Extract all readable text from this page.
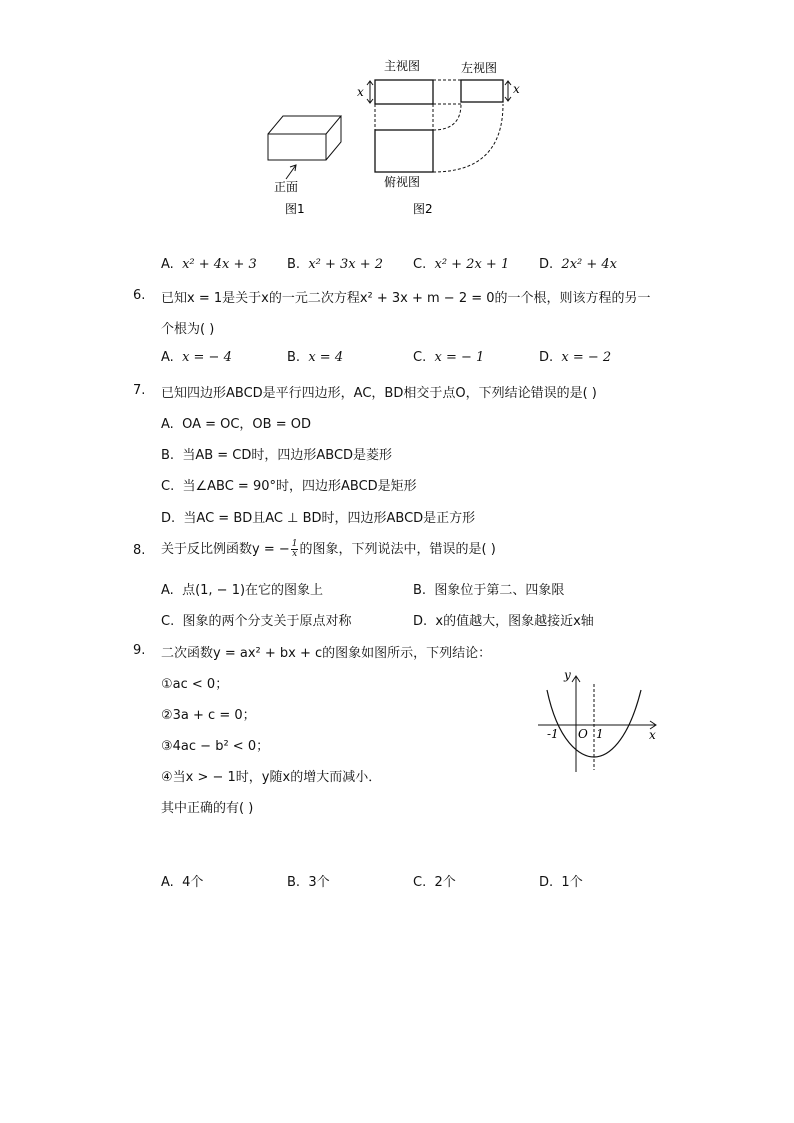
正面
图1
主视图
x
左视图
x
俯视图
图2
A. x² + 4x + 3 B. x² + 3x + 2 C. x² + 2x + 1 D. 2x² + 4x
6. 已知x = 1是关于x的一元二次方程x² + 3x + m − 2 = 0的一个根，则该方程的另一
个根为( )
A. x = − 4	B. x = 4	C. x = − 1	D. x = − 2
7. 已知四边形ABCD是平行四边形，AC，BD相交于点O，下列结论错误的是( )
A. OA = OC，OB = OD
B. 当AB = CD时，四边形ABCD是菱形
C. 当∠ABC = 90°时，四边形ABCD是矩形
D. 当AC = BD且AC ⊥ BD时，四边形ABCD是正方形
8. 关于反比例函数y = − $\frac{1}{x}$ 的图象，下列说法中，错误的是( )
A. 点(1, − 1)在它的图象上	B. 图象位于第二、四象限
C. 图象的两个分支关于原点对称	D. x的值越大，图象越接近x轴
9. 二次函数y = ax² + bx + c的图象如图所示，下列结论：
①ac < 0；
②3a + c = 0；
③4ac − b² < 0；
④当x > − 1时，y随x的增大而减小．
其中正确的有( )
y
x
O
-1	1
A. 4个	B. 3个	C. 2个	D. 1个
